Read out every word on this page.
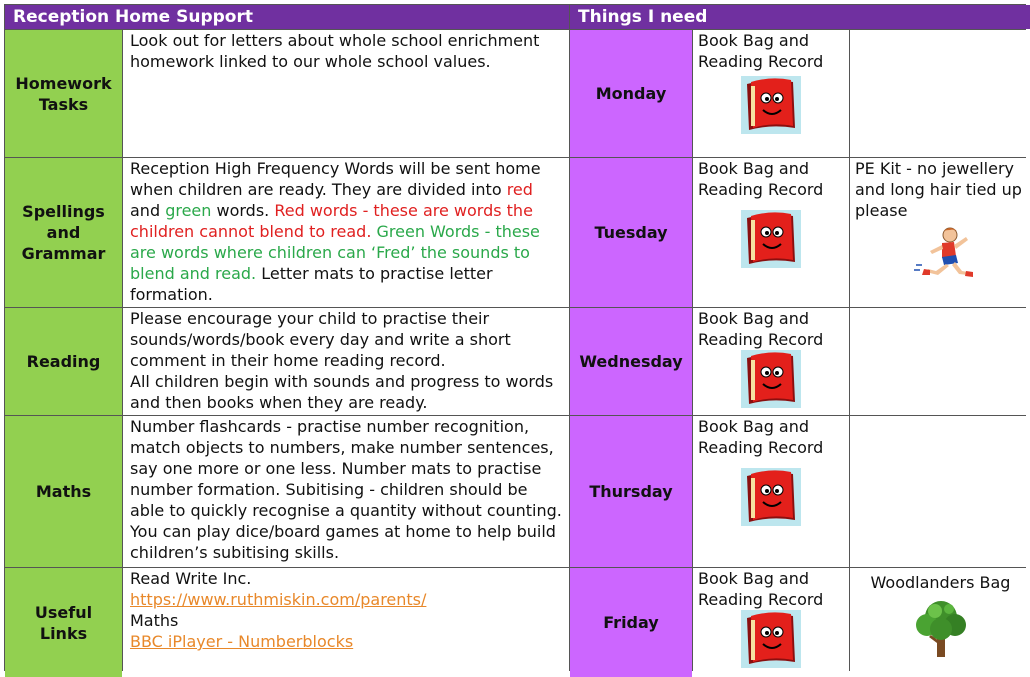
Reception Home Support	Things I need
Homework Tasks
Look out for letters about whole school enrichment homework linked to our whole school values.
Monday
Book Bag and Reading Record
Spellings and Grammar
Reception High Frequency Words will be sent home when children are ready. They are divided into red and green words. Red words - these are words the children cannot blend to read. Green Words - these are words where children can ‘Fred’ the sounds to blend and read. Letter mats to practise letter formation.
Tuesday
Book Bag and Reading Record
PE Kit - no jewellery and long hair tied up please
Reading
Please encourage your child to practise their sounds/words/book every day and write a short comment in their home reading record.
All children begin with sounds and progress to words and then books when they are ready.
Wednesday
Book Bag and Reading Record
Maths
Number flashcards - practise number recognition, match objects to numbers, make number sentences, say one more or one less. Number mats to practise number formation. Subitising - children should be able to quickly recognise a quantity without counting. You can play dice/board games at home to help build children’s subitising skills.
Thursday
Book Bag and Reading Record
Useful Links
Read Write Inc.
https://www.ruthmiskin.com/parents/
Maths
BBC iPlayer - Numberblocks
Friday
Book Bag and Reading Record
Woodlanders Bag
